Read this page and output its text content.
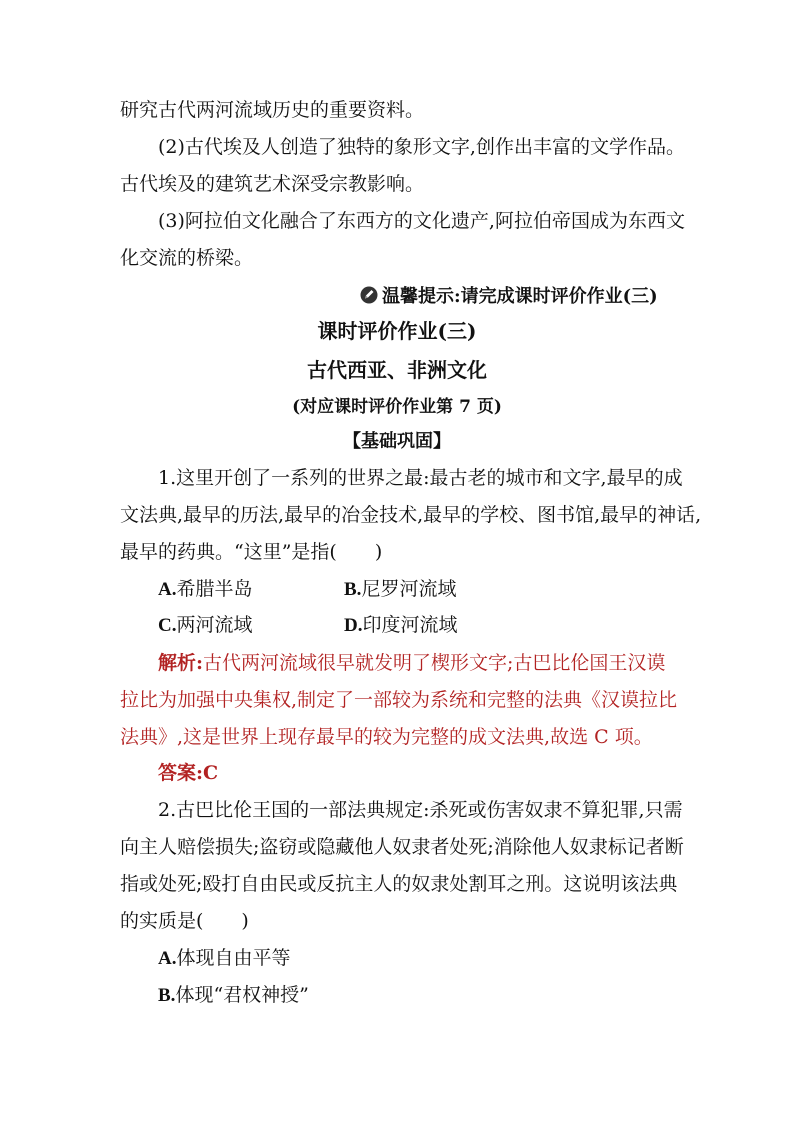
研究古代两河流域历史的重要资料。
(2)古代埃及人创造了独特的象形文字,创作出丰富的文学作品。
古代埃及的建筑艺术深受宗教影响。
(3)阿拉伯文化融合了东西方的文化遗产,阿拉伯帝国成为东西文
化交流的桥梁。
温馨提示:请完成课时评价作业(三)
课时评价作业(三)
古代西亚、非洲文化
(对应课时评价作业第 7 页)
【基础巩固】
1.这里开创了一系列的世界之最:最古老的城市和文字,最早的成
文法典,最早的历法,最早的冶金技术,最早的学校、图书馆,最早的神话,
最早的药典。“这里”是指(　　)
A.希腊半岛	B.尼罗河流域
C.两河流域	D.印度河流域
解析:古代两河流域很早就发明了楔形文字;古巴比伦国王汉谟
拉比为加强中央集权,制定了一部较为系统和完整的法典《汉谟拉比
法典》,这是世界上现存最早的较为完整的成文法典,故选 C 项。
答案:C
2.古巴比伦王国的一部法典规定:杀死或伤害奴隶不算犯罪,只需
向主人赔偿损失;盗窃或隐藏他人奴隶者处死;消除他人奴隶标记者断
指或处死;殴打自由民或反抗主人的奴隶处割耳之刑。这说明该法典
的实质是(　　)
A.体现自由平等
B.体现“君权神授”
